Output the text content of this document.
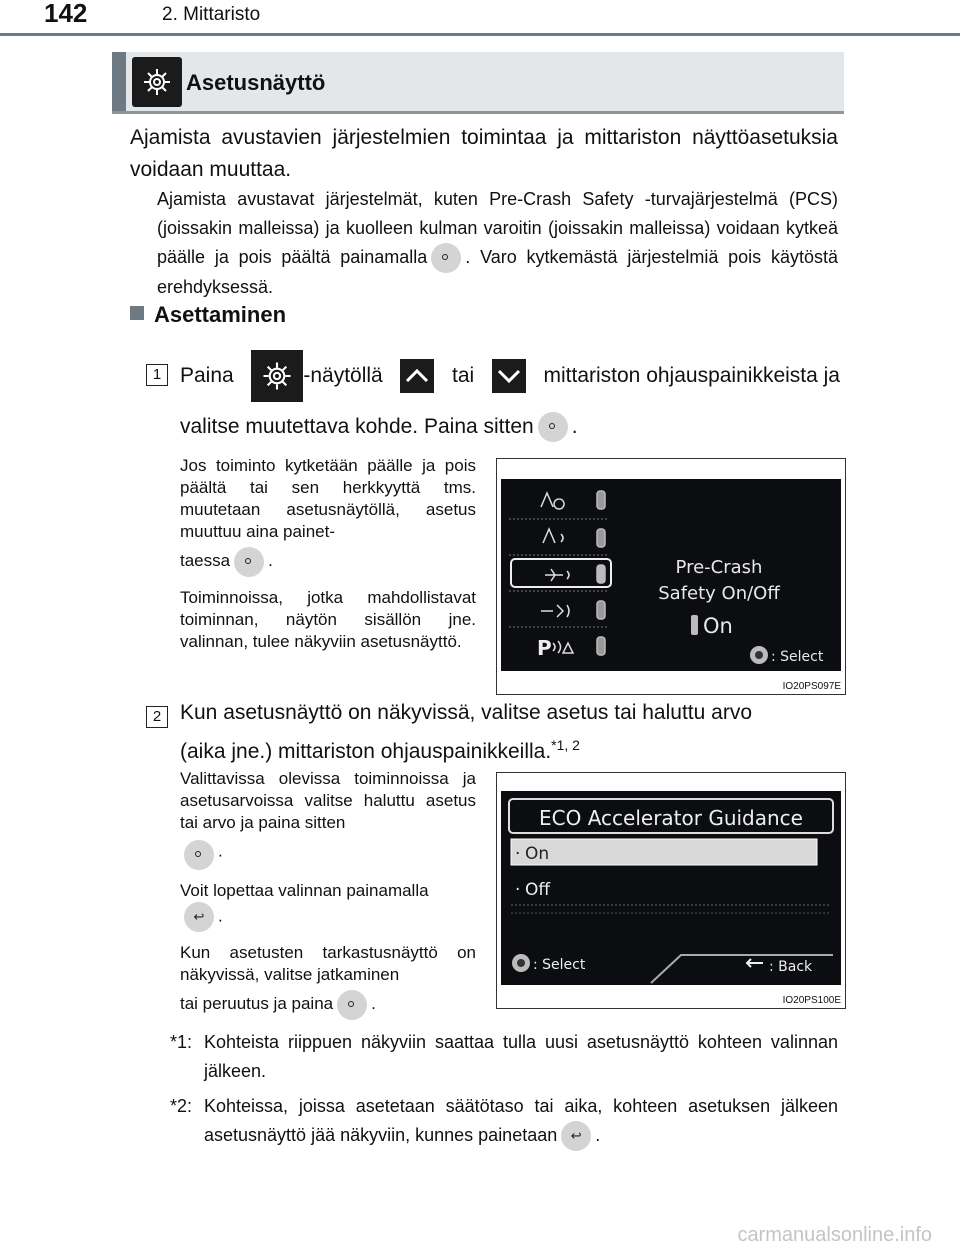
142	2. Mittaristo
Asetusnäyttö

Ajamista avustavien järjestelmien toimintaa ja mittariston näyttöasetuksia voidaan muuttaa.

Ajamista avustavat järjestelmät, kuten Pre-Crash Safety -turvajärjestelmä (PCS) (joissakin malleissa) ja kuolleen kulman varoitin (joissakin malleissa) voidaan kytkeä päälle ja pois päältä painamalla . Varo kytkemästä järjestelmiä pois käytöstä erehdyksessä.

Asettaminen
1 Paina	-näytöllä	tai	mittariston ohjauspainikkeista ja
valitse muutettava kohde. Paina sitten .

Jos toiminto kytketään päälle ja pois päältä tai sen herkkyyttä tms. muutetaan asetusnäytöllä, asetus muuttuu aina painet-
taessa .

Toiminnoissa, jotka mahdollistavat toiminnan, näytön sisällön jne. valinnan, tulee näkyviin asetusnäyttö.	P
Pre-Crash
Safety On/Off
On
: Select
IO20PS097E
2 Kun asetusnäyttö on näkyvissä, valitse asetus tai haluttu arvo
(aika jne.) mittariston ohjauspainikkeilla.$^{*1, 2}$

Valittavissa olevissa toiminnoissa ja asetusarvoissa valitse haluttu asetus tai arvo ja paina sitten
.

Voit lopettaa valinnan painamalla
↩ .

Kun asetusten tarkastusnäyttö on näkyvissä, valitse jatkaminen
tai peruutus ja paina .

ECO Accelerator Guidance
· On
· Off
: Select	: Back
IO20PS100E
*1: Kohteista riippuen näkyviin saattaa tulla uusi asetusnäyttö kohteen valinnan jälkeen.
*2: Kohteissa, joissa asetetaan säätötaso tai aika, kohteen asetuksen jälkeen asetusnäyttö jää näkyviin, kunnes painetaan ↩ .
carmanualsonline.info
